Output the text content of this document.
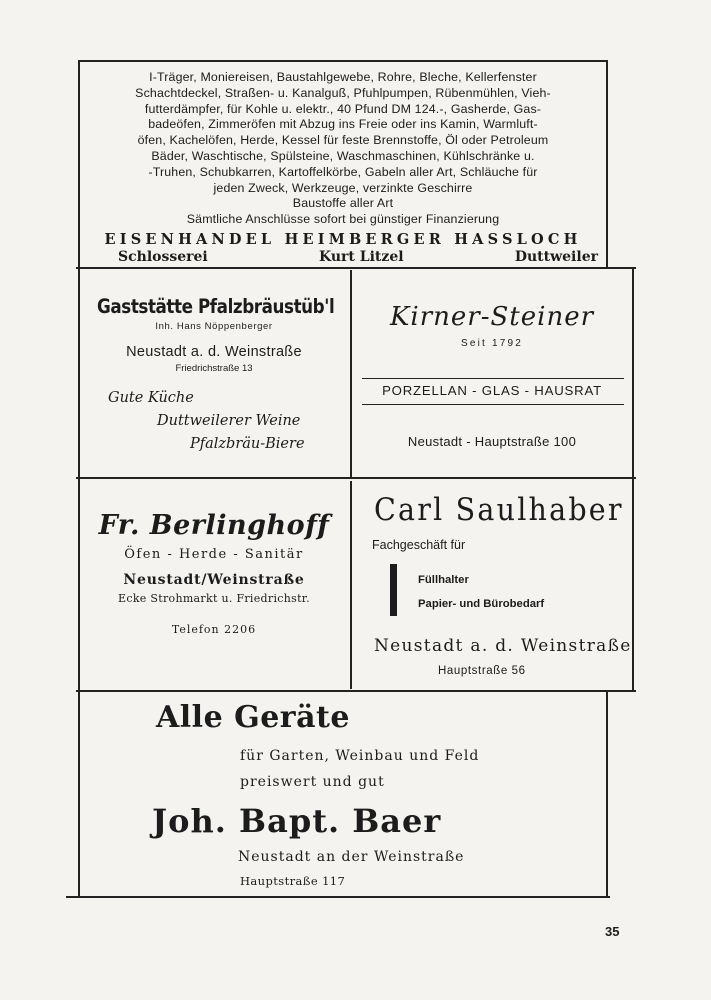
I-Träger, Moniereisen, Baustahlgewebe, Rohre, Bleche, Kellerfenster
Schachtdeckel, Straßen- u. Kanalguß, Pfuhlpumpen, Rübenmühlen, Vieh-
futterdämpfer, für Kohle u. elektr., 40 Pfund DM 124.-, Gasherde, Gas-
badeöfen, Zimmeröfen mit Abzug ins Freie oder ins Kamin, Warmluft-
öfen, Kachelöfen, Herde, Kessel für feste Brennstoffe, Öl oder Petroleum
Bäder, Waschtische, Spülsteine, Waschmaschinen, Kühlschränke u.
-Truhen, Schubkarren, Kartoffelkörbe, Gabeln aller Art, Schläuche für
jeden Zweck, Werkzeuge, verzinkte Geschirre
Baustoffe aller Art
Sämtliche Anschlüsse sofort bei günstiger Finanzierung
EISENHANDEL HEIMBERGER HASSLOCH
Schlosserei	Kurt Litzel	Duttweiler
Gaststätte Pfalzbräustüb'l
Inh. Hans Nöppenberger
Neustadt a. d. Weinstraße
Friedrichstraße 13
Gute Küche
Duttweilerer Weine
Pfalzbräu-Biere
Kirner-Steiner
Seit 1792
PORZELLAN - GLAS - HAUSRAT
Neustadt - Hauptstraße 100
Fr. Berlinghoff
Öfen - Herde - Sanitär
Neustadt/Weinstraße
Ecke Strohmarkt u. Friedrichstr.
Telefon 2206
Carl Saulhaber
Fachgeschäft für
Füllhalter
Papier- und Bürobedarf
Neustadt a. d. Weinstraße
Hauptstraße 56
Alle Geräte
für Garten, Weinbau und Feld
preiswert und gut
Joh. Bapt. Baer
Neustadt an der Weinstraße
Hauptstraße 117
35
